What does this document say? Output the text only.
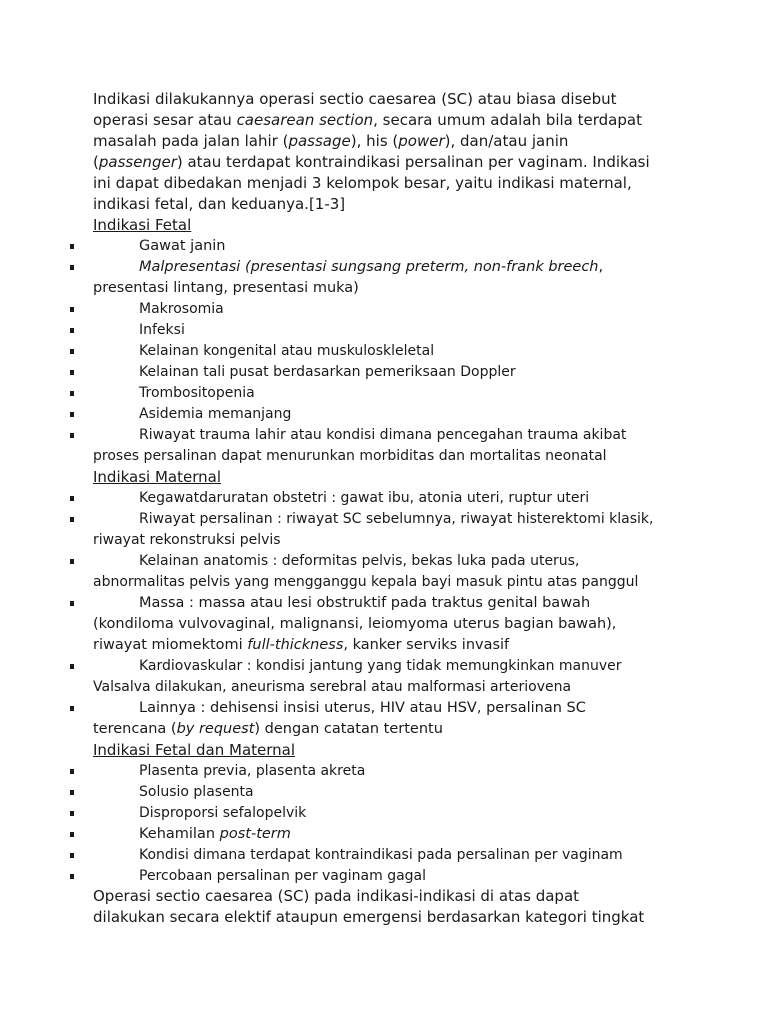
Indikasi dilakukannya operasi sectio caesarea (SC) atau biasa disebut
operasi sesar atau caesarean section, secara umum adalah bila terdapat
masalah pada jalan lahir (passage), his (power), dan/atau janin
(passenger) atau terdapat kontraindikasi persalinan per vaginam. Indikasi
ini dapat dibedakan menjadi 3 kelompok besar, yaitu indikasi maternal,
indikasi fetal, dan keduanya.[1-3]
Indikasi Fetal
Gawat janin
Malpresentasi (presentasi sungsang preterm, non-frank breech,
presentasi lintang, presentasi muka)
Makrosomia
Infeksi
Kelainan kongenital atau muskuloskleletal
Kelainan tali pusat berdasarkan pemeriksaan Doppler
Trombositopenia
Asidemia memanjang
Riwayat trauma lahir atau kondisi dimana pencegahan trauma akibat
proses persalinan dapat menurunkan morbiditas dan mortalitas neonatal
Indikasi Maternal
Kegawatdaruratan obstetri : gawat ibu, atonia uteri, ruptur uteri
Riwayat persalinan : riwayat SC sebelumnya, riwayat histerektomi klasik,
riwayat rekonstruksi pelvis
Kelainan anatomis : deformitas pelvis, bekas luka pada uterus,
abnormalitas pelvis yang mengganggu kepala bayi masuk pintu atas panggul
Massa : massa atau lesi obstruktif pada traktus genital bawah
(kondiloma vulvovaginal, malignansi, leiomyoma uterus bagian bawah),
riwayat miomektomi full-thickness, kanker serviks invasif
Kardiovaskular : kondisi jantung yang tidak memungkinkan manuver
Valsalva dilakukan, aneurisma serebral atau malformasi arteriovena
Lainnya : dehisensi insisi uterus, HIV atau HSV, persalinan SC
terencana (by request) dengan catatan tertentu
Indikasi Fetal dan Maternal
Plasenta previa, plasenta akreta
Solusio plasenta
Disproporsi sefalopelvik
Kehamilan post-term
Kondisi dimana terdapat kontraindikasi pada persalinan per vaginam
Percobaan persalinan per vaginam gagal
Operasi sectio caesarea (SC) pada indikasi-indikasi di atas dapat
dilakukan secara elektif ataupun emergensi berdasarkan kategori tingkat
